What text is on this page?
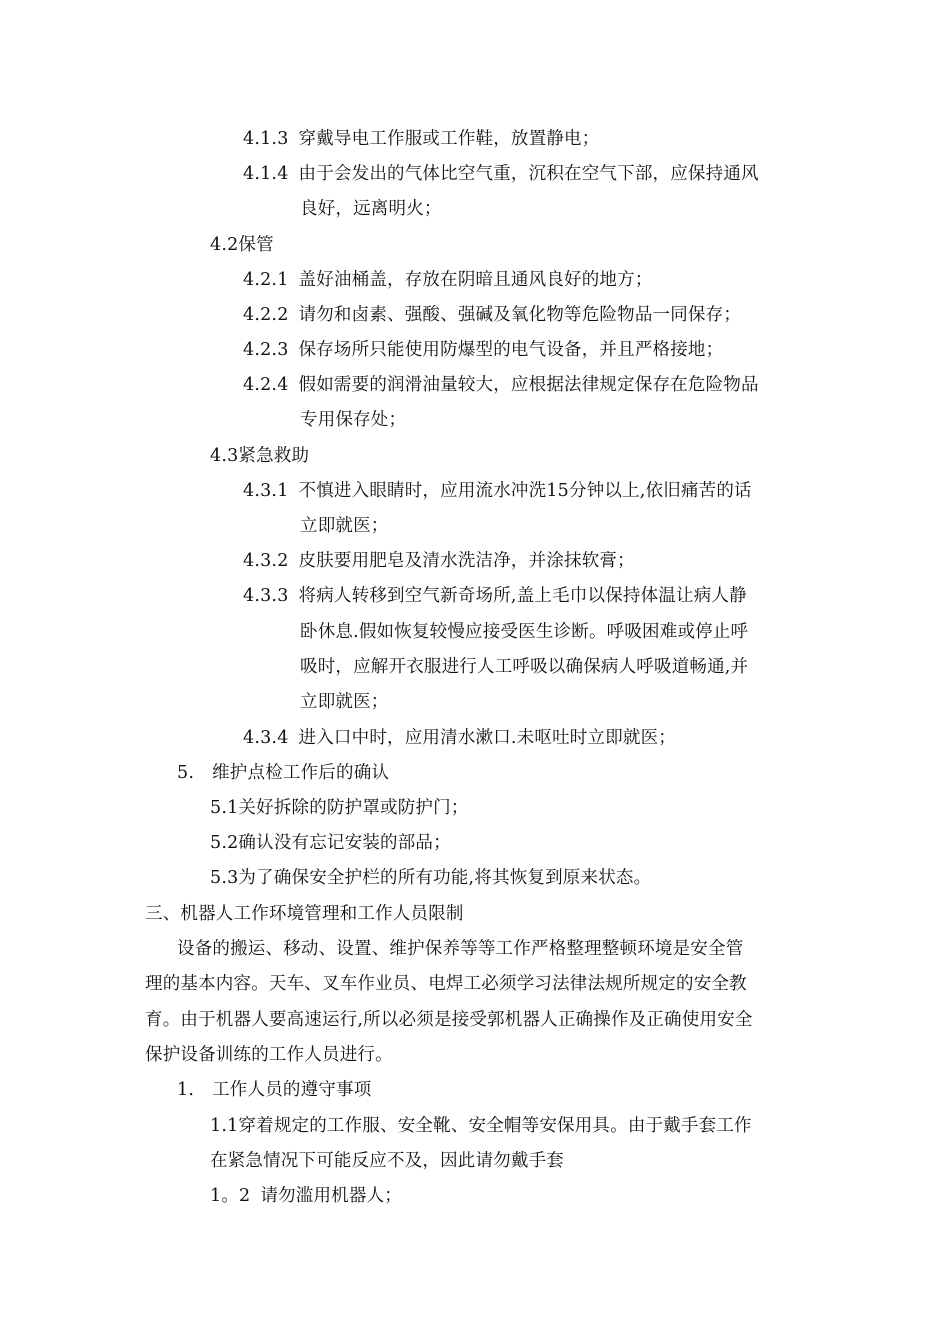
4.1.3 穿戴导电工作服或工作鞋，放置静电；
4.1.4 由于会发出的气体比空气重，沉积在空气下部，应保持通风
良好，远离明火；
4.2保管
4.2.1 盖好油桶盖，存放在阴暗且通风良好的地方；
4.2.2 请勿和卤素、强酸、强碱及氧化物等危险物品一同保存；
4.2.3 保存场所只能使用防爆型的电气设备，并且严格接地；
4.2.4 假如需要的润滑油量较大，应根据法律规定保存在危险物品
专用保存处；
4.3紧急救助
4.3.1 不慎进入眼睛时，应用流水冲洗15分钟以上,依旧痛苦的话
立即就医；
4.3.2 皮肤要用肥皂及清水洗洁净，并涂抹软膏；
4.3.3 将病人转移到空气新奇场所,盖上毛巾以保持体温让病人静
卧休息.假如恢复较慢应接受医生诊断。呼吸困难或停止呼
吸时，应解开衣服进行人工呼吸以确保病人呼吸道畅通,并
立即就医；
4.3.4 进入口中时，应用清水漱口.未呕吐时立即就医；
5. 维护点检工作后的确认
5.1关好拆除的防护罩或防护门；
5.2确认没有忘记安装的部品；
5.3为了确保安全护栏的所有功能,将其恢复到原来状态。
三、机器人工作环境管理和工作人员限制
设备的搬运、移动、设置、维护保养等等工作严格整理整顿环境是安全管
理的基本内容。天车、叉车作业员、电焊工必须学习法律法规所规定的安全教
育。由于机器人要高速运行,所以必须是接受郭机器人正确操作及正确使用安全
保护设备训练的工作人员进行。
1. 工作人员的遵守事项
1.1穿着规定的工作服、安全靴、安全帽等安保用具。由于戴手套工作
在紧急情况下可能反应不及，因此请勿戴手套
1。2 请勿滥用机器人；
